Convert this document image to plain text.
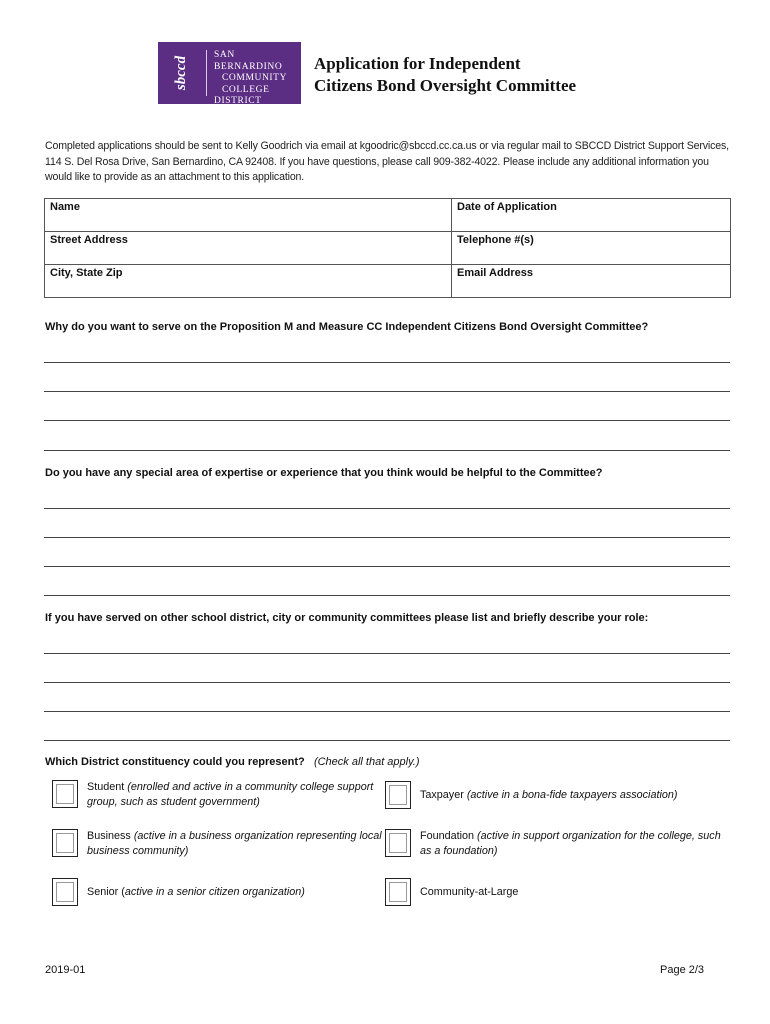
sbccd
SAN BERNARDINO
COMMUNITY
COLLEGE
DISTRICT
Application for Independent
Citizens Bond Oversight Committee
Completed applications should be sent to Kelly Goodrich via email at kgoodric@sbccd.cc.ca.us or via regular mail to SBCCD District Support Services, 114 S. Del Rosa Drive, San Bernardino, CA 92408. If you have questions, please call 909-382-4022. Please include any additional information you would like to provide as an attachment to this application.
Name	Date of Application
Street Address	Telephone #(s)
City, State Zip	Email Address
Why do you want to serve on the Proposition M and Measure CC Independent Citizens Bond Oversight Committee?
Do you have any special area of expertise or experience that you think would be helpful to the Committee?
If you have served on other school district, city or community committees please list and briefly describe your role:
Which District constituency could you represent? (Check all that apply.)
Student (enrolled and active in a community college support group, such as student government)
Taxpayer (active in a bona-fide taxpayers association)
Business (active in a business organization representing local business community)
Foundation (active in support organization for the college, such as a foundation)
Senior (active in a senior citizen organization)	Community-at-Large
2019-01	Page 2/3
